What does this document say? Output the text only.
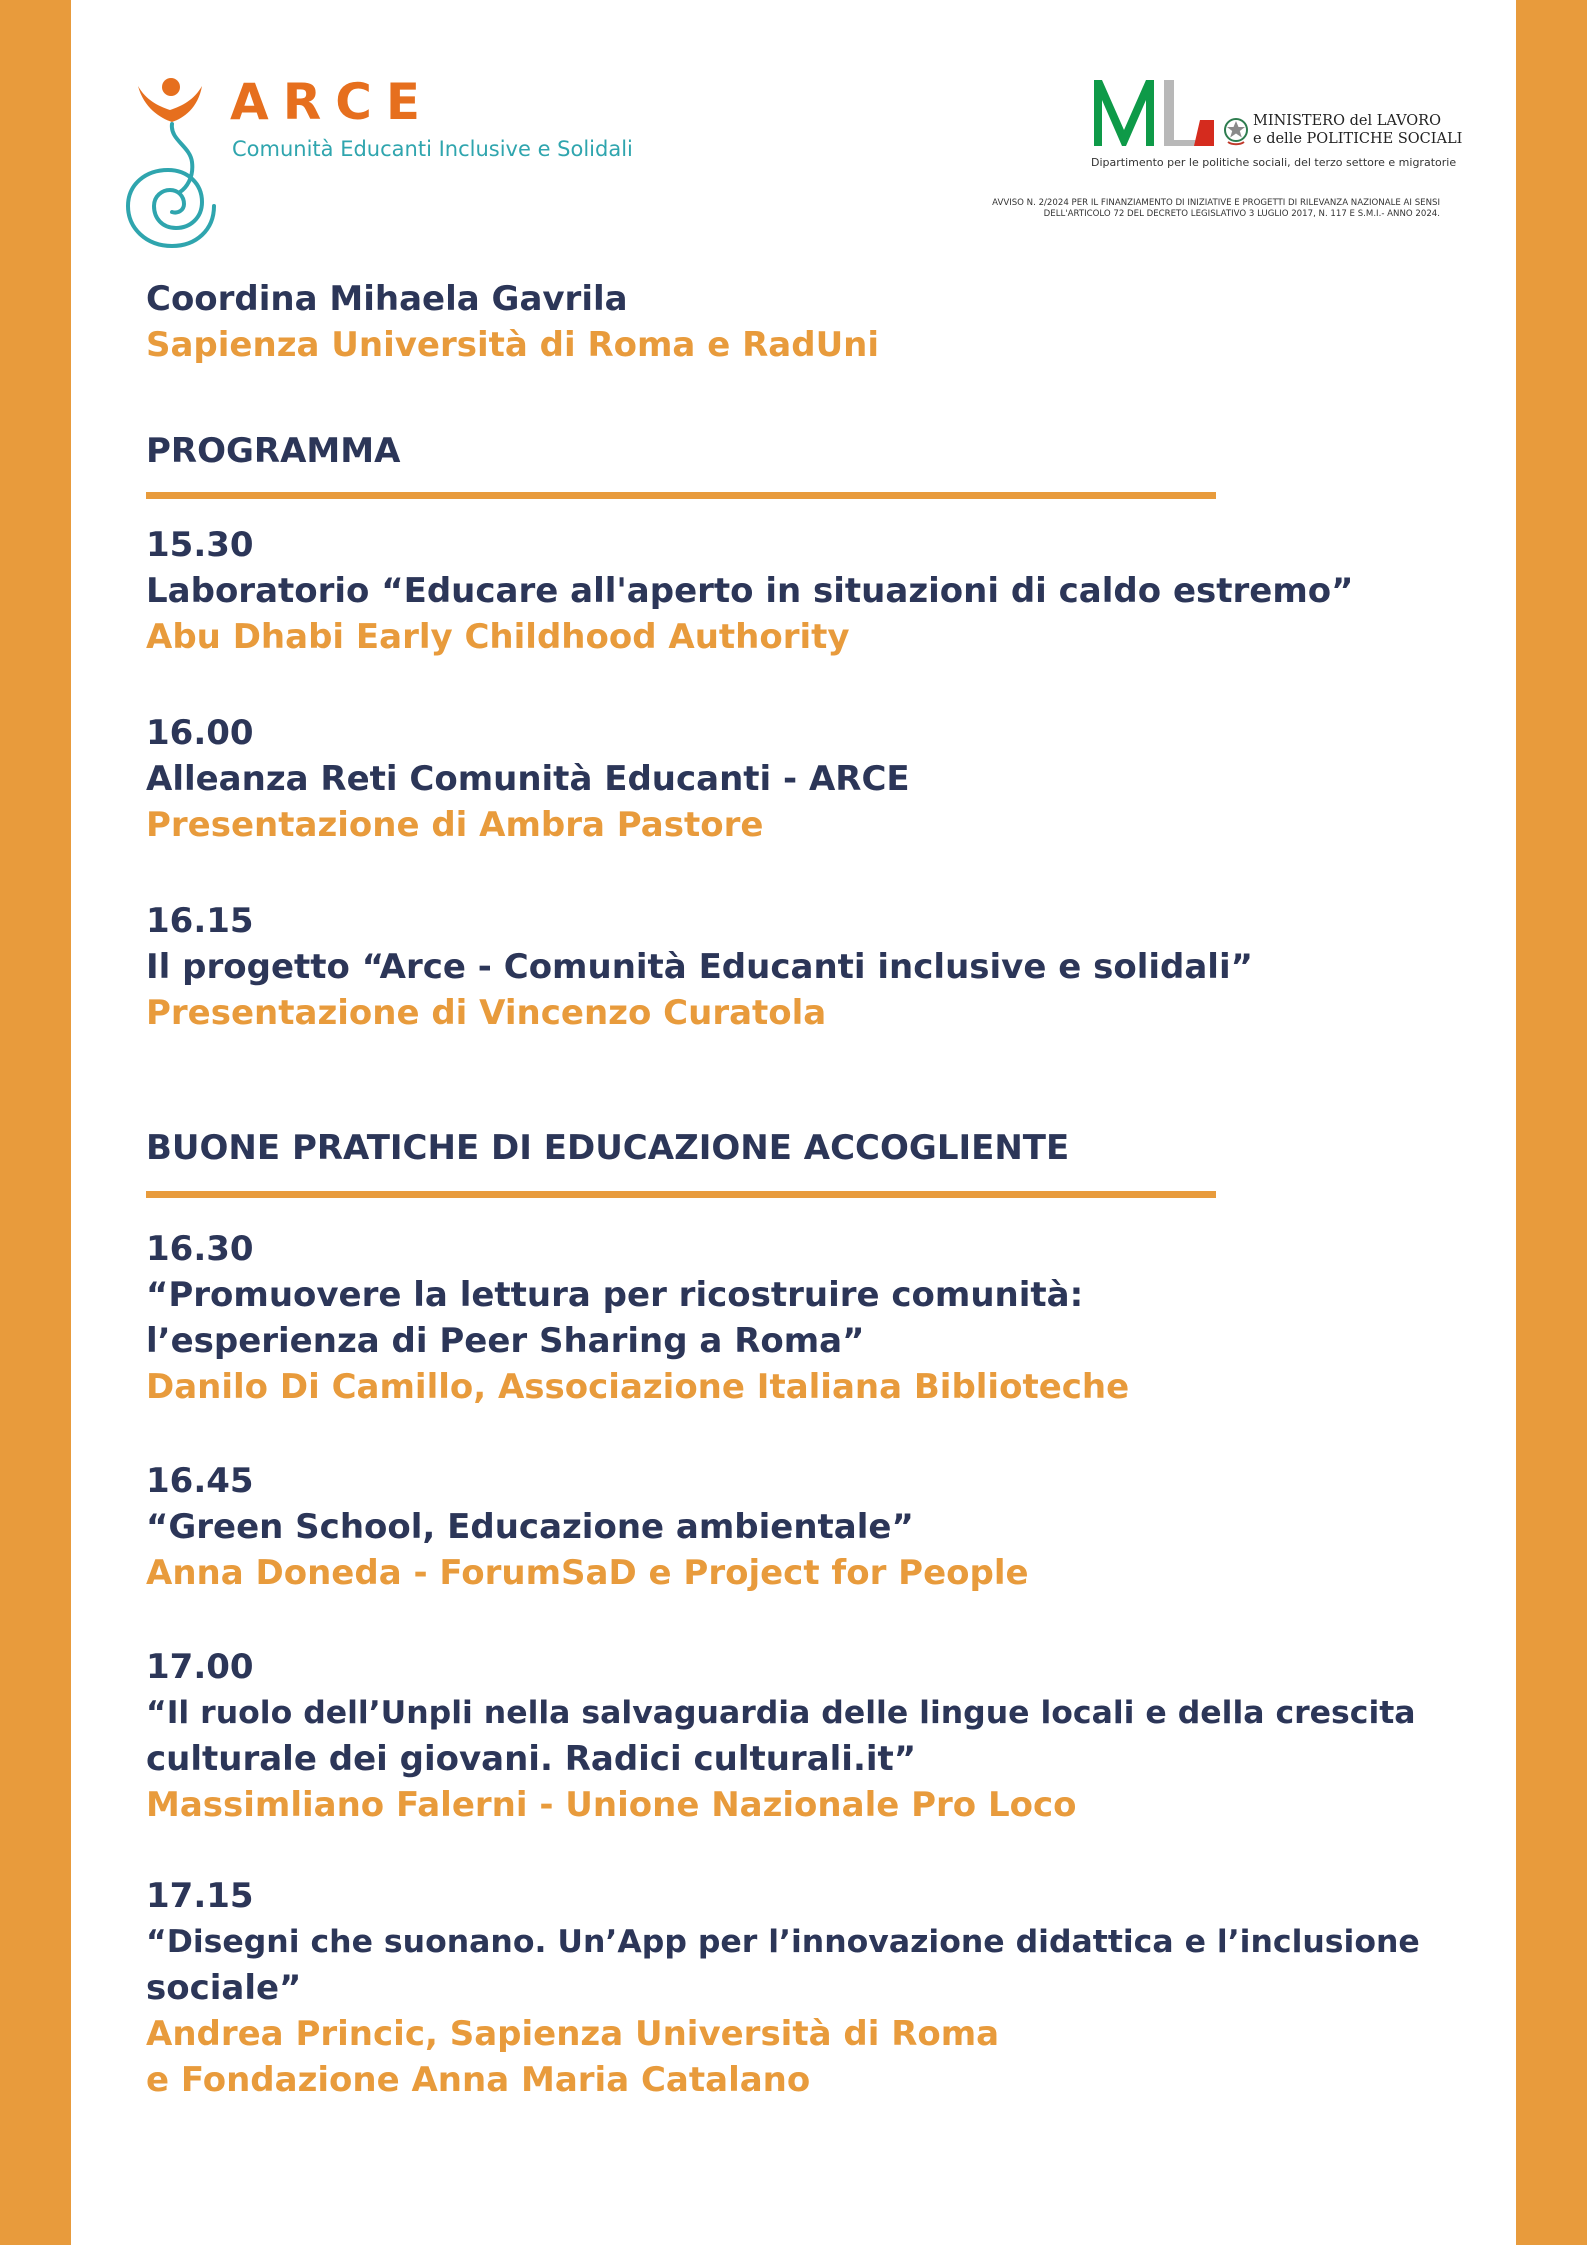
ARCE
Comunità Educanti Inclusive e Solidali
MINISTERO del LAVORO
e delle POLITICHE SOCIALI
Dipartimento per le politiche sociali, del terzo settore e migratorie
AVVISO N. 2/2024 PER IL FINANZIAMENTO DI INIZIATIVE E PROGETTI DI RILEVANZA NAZIONALE AI SENSI
DELL'ARTICOLO 72 DEL DECRETO LEGISLATIVO 3 LUGLIO 2017, N. 117 E S.M.I.- ANNO 2024.
Coordina Mihaela Gavrila
Sapienza Università di Roma e RadUni
PROGRAMMA
15.30
Laboratorio “Educare all'aperto in situazioni di caldo estremo”
Abu Dhabi Early Childhood Authority
16.00
Alleanza Reti Comunità Educanti - ARCE
Presentazione di Ambra Pastore
16.15
Il progetto “Arce - Comunità Educanti inclusive e solidali”
Presentazione di Vincenzo Curatola
BUONE PRATICHE DI EDUCAZIONE ACCOGLIENTE
16.30
“Promuovere la lettura per ricostruire comunità:
l’esperienza di Peer Sharing a Roma”
Danilo Di Camillo, Associazione Italiana Biblioteche
16.45
“Green School, Educazione ambientale”
Anna Doneda - ForumSaD e Project for People
17.00
“Il ruolo dell’Unpli nella salvaguardia delle lingue locali e della crescita
culturale dei giovani. Radici culturali.it”
Massimliano Falerni - Unione Nazionale Pro Loco
17.15
“Disegni che suonano. Un’App per l’innovazione didattica e l’inclusione
sociale”
Andrea Princic, Sapienza Università di Roma
e Fondazione Anna Maria Catalano
